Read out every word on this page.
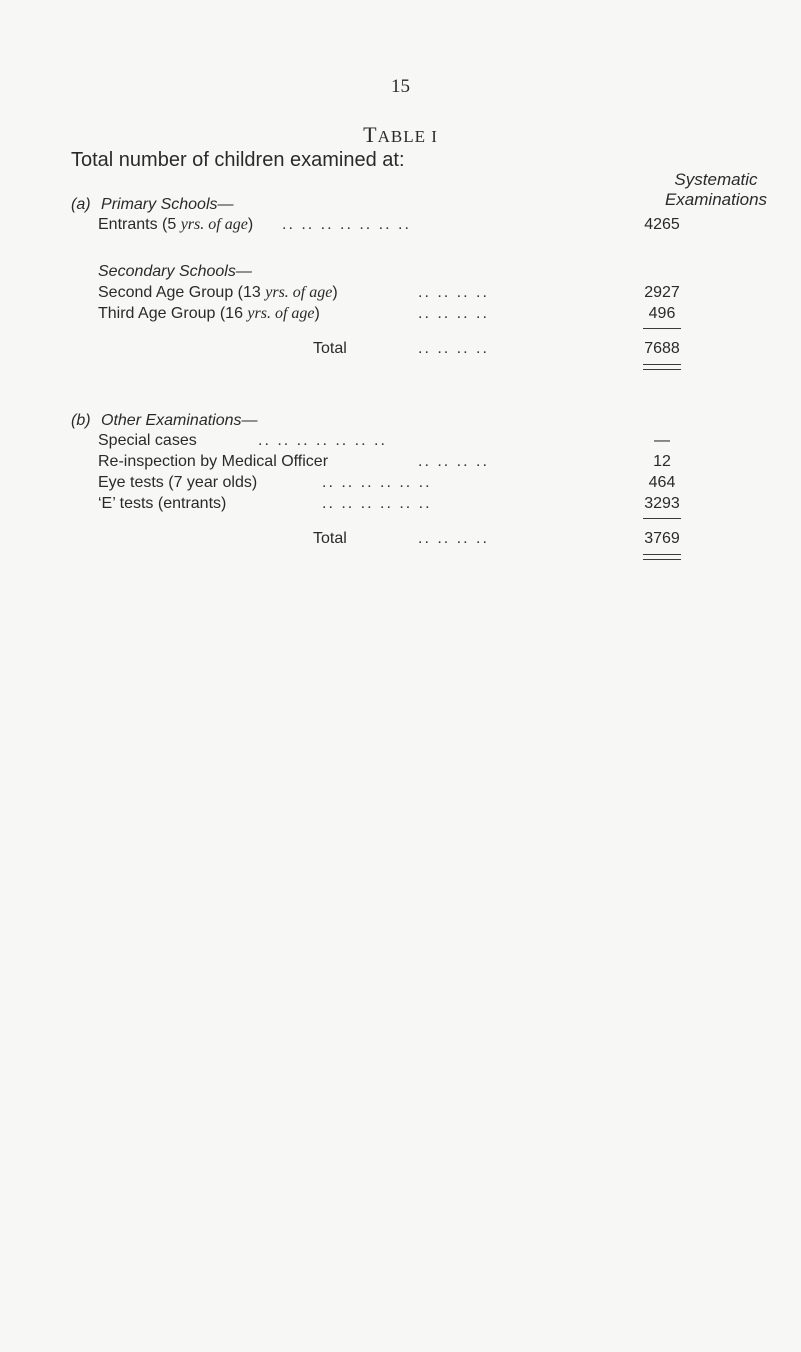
15
TABLE I
Total number of children examined at:
Systematic
Examinations
(a) Primary Schools—
Entrants (5 yrs. of age) .. .. .. .. .. .. ..	4265
Secondary Schools—
Second Age Group (13 yrs. of age)	.. .. .. ..	2927
Third Age Group (16 yrs. of age)	.. .. .. ..	496
Total	.. .. .. ..	7688
(b) Other Examinations—
Special cases	.. .. .. .. .. .. ..	—
Re-inspection by Medical Officer	.. .. .. ..	12
Eye tests (7 year olds)	.. .. .. .. .. ..	464
‘E’ tests (entrants)	.. .. .. .. .. ..	3293
Total	.. .. .. ..	3769
